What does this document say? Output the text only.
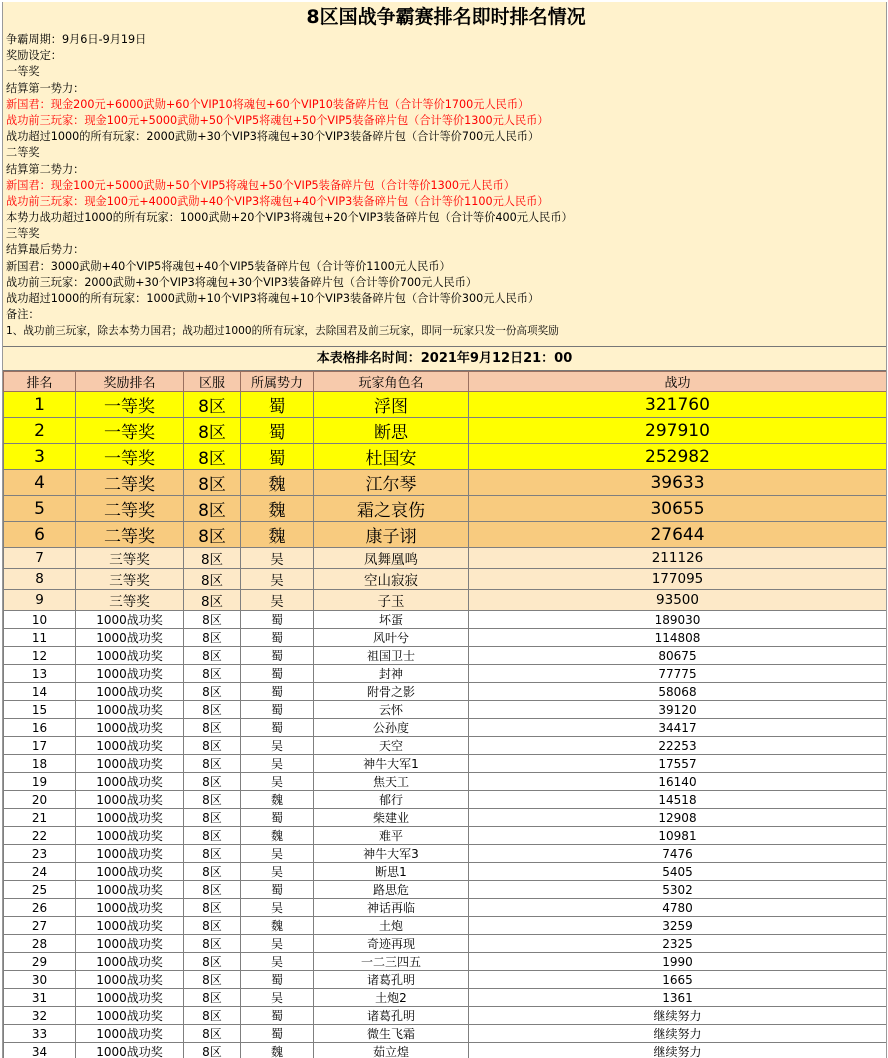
8区国战争霸赛排名即时排名情况
争霸周期：9月6日-9月19日
奖励设定：
一等奖
结算第一势力：
新国君：现金200元+6000武勋+60个VIP10将魂包+60个VIP10装备碎片包（合计等价1700元人民币）
战功前三玩家：现金100元+5000武勋+50个VIP5将魂包+50个VIP5装备碎片包（合计等价1300元人民币）
战功超过1000的所有玩家：2000武勋+30个VIP3将魂包+30个VIP3装备碎片包（合计等价700元人民币）
二等奖
结算第二势力：
新国君：现金100元+5000武勋+50个VIP5将魂包+50个VIP5装备碎片包（合计等价1300元人民币）
战功前三玩家：现金100元+4000武勋+40个VIP3将魂包+40个VIP3装备碎片包（合计等价1100元人民币）
本势力战功超过1000的所有玩家：1000武勋+20个VIP3将魂包+20个VIP3装备碎片包（合计等价400元人民币）
三等奖
结算最后势力：
新国君：3000武勋+40个VIP5将魂包+40个VIP5装备碎片包（合计等价1100元人民币）
战功前三玩家：2000武勋+30个VIP3将魂包+30个VIP3装备碎片包（合计等价700元人民币）
战功超过1000的所有玩家：1000武勋+10个VIP3将魂包+10个VIP3装备碎片包（合计等价300元人民币）
备注：
1、战功前三玩家，除去本势力国君；战功超过1000的所有玩家，去除国君及前三玩家，即同一玩家只发一份高项奖励
本表格排名时间：2021年9月12日21：00
排名	奖励排名	区服	所属势力	玩家角色名	战功
1	一等奖	8区	蜀	浮图	321760
2	一等奖	8区	蜀	断思	297910
3	一等奖	8区	蜀	杜国安	252982
4	二等奖	8区	魏	江尔琴	39633
5	二等奖	8区	魏	霜之哀伤	30655
6	二等奖	8区	魏	康子诩	27644
7	三等奖	8区	吴	凤舞凰鸣	211126
8	三等奖	8区	吴	空山寂寂	177095
9	三等奖	8区	吴	子玉	93500
10	1000战功奖	8区	蜀	坏蛋	189030
11	1000战功奖	8区	蜀	风叶兮	114808
12	1000战功奖	8区	蜀	祖国卫士	80675
13	1000战功奖	8区	蜀	封神	77775
14	1000战功奖	8区	蜀	附骨之影	58068
15	1000战功奖	8区	蜀	云怀	39120
16	1000战功奖	8区	蜀	公孙度	34417
17	1000战功奖	8区	吴	天空	22253
18	1000战功奖	8区	吴	神牛大军1	17557
19	1000战功奖	8区	吴	焦天工	16140
20	1000战功奖	8区	魏	郁行	14518
21	1000战功奖	8区	蜀	柴建业	12908
22	1000战功奖	8区	魏	难平	10981
23	1000战功奖	8区	吴	神牛大军3	7476
24	1000战功奖	8区	吴	断思1	5405
25	1000战功奖	8区	蜀	路思危	5302
26	1000战功奖	8区	吴	神话再临	4780
27	1000战功奖	8区	魏	土炮	3259
28	1000战功奖	8区	吴	奇迹再现	2325
29	1000战功奖	8区	吴	一二三四五	1990
30	1000战功奖	8区	蜀	诸葛孔明	1665
31	1000战功奖	8区	吴	土炮2	1361
32	1000战功奖	8区	蜀	诸葛孔明	继续努力
33	1000战功奖	8区	蜀	微生飞霜	继续努力
34	1000战功奖	8区	魏	茹立煌	继续努力
